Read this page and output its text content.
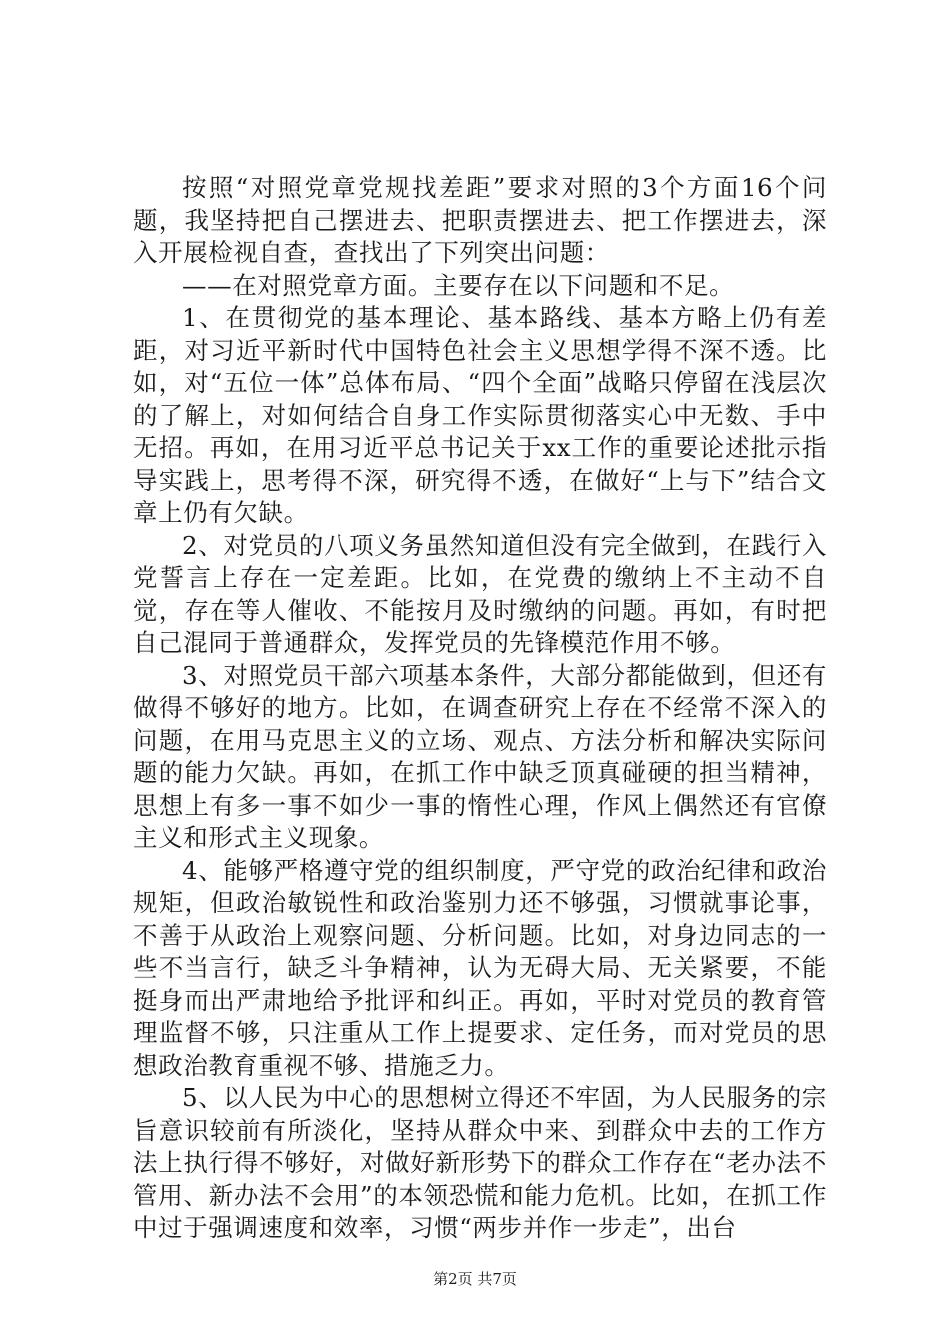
按照“对照党章党规找差距”要求对照的3个方面16个问题，我坚持把自己摆进去、把职责摆进去、把工作摆进去，深入开展检视自查，查找出了下列突出问题：

——在对照党章方面。主要存在以下问题和不足。

1、在贯彻党的基本理论、基本路线、基本方略上仍有差距，对习近平新时代中国特色社会主义思想学得不深不透。比如，对“五位一体”总体布局、“四个全面”战略只停留在浅层次的了解上，对如何结合自身工作实际贯彻落实心中无数、手中无招。再如，在用习近平总书记关于xx工作的重要论述批示指导实践上，思考得不深，研究得不透，在做好“上与下”结合文章上仍有欠缺。

2、对党员的八项义务虽然知道但没有完全做到，在践行入党誓言上存在一定差距。比如，在党费的缴纳上不主动不自觉，存在等人催收、不能按月及时缴纳的问题。再如，有时把自己混同于普通群众，发挥党员的先锋模范作用不够。

3、对照党员干部六项基本条件，大部分都能做到，但还有做得不够好的地方。比如，在调查研究上存在不经常不深入的问题，在用马克思主义的立场、观点、方法分析和解决实际问题的能力欠缺。再如，在抓工作中缺乏顶真碰硬的担当精神，思想上有多一事不如少一事的惰性心理，作风上偶然还有官僚主义和形式主义现象。

4、能够严格遵守党的组织制度，严守党的政治纪律和政治规矩，但政治敏锐性和政治鉴别力还不够强，习惯就事论事，不善于从政治上观察问题、分析问题。比如，对身边同志的一些不当言行，缺乏斗争精神，认为无碍大局、无关紧要，不能挺身而出严肃地给予批评和纠正。再如，平时对党员的教育管理监督不够，只注重从工作上提要求、定任务，而对党员的思想政治教育重视不够、措施乏力。

5、以人民为中心的思想树立得还不牢固，为人民服务的宗旨意识较前有所淡化，坚持从群众中来、到群众中去的工作方法上执行得不够好，对做好新形势下的群众工作存在“老办法不管用、新办法不会用”的本领恐慌和能力危机。比如，在抓工作中过于强调速度和效率，习惯“两步并作一步走”，出台

第2页 共7页
